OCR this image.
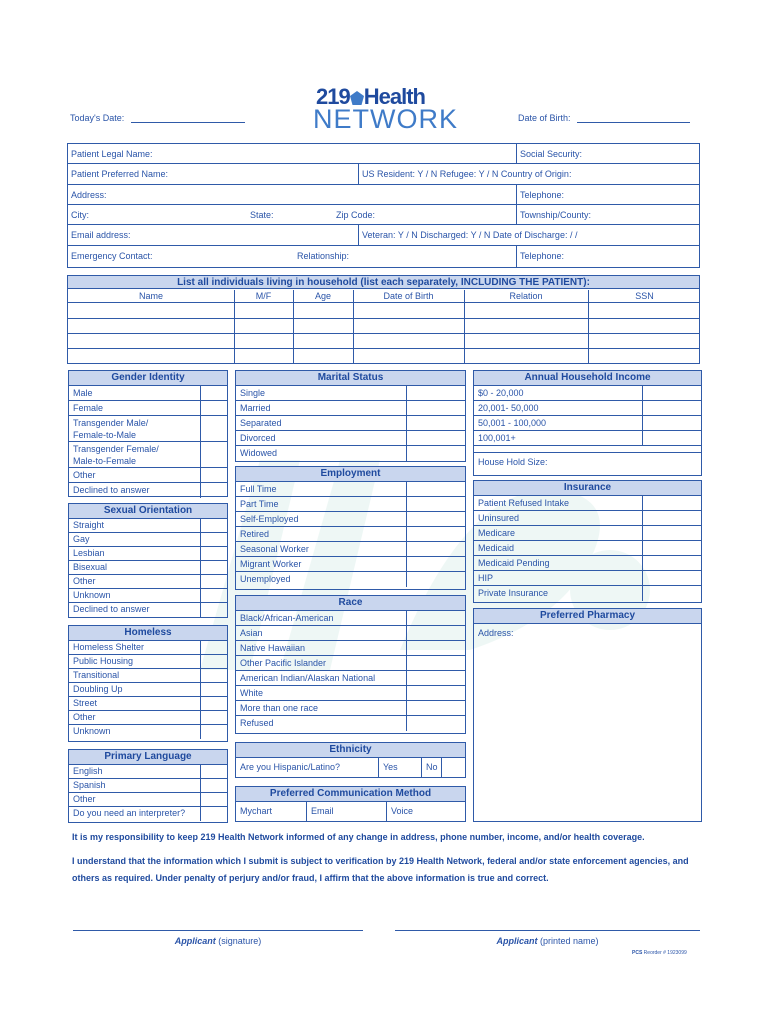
Today's Date:
219 Health
NETWORK	Date of Birth:
Patient Legal Name:	Social Security:
Patient Preferred Name:	US Resident: Y / N Refugee: Y / N Country of Origin:
Address:	Telephone:
City:	State:	Zip Code:	Township/County:
Email address:	Veteran: Y / N Discharged: Y / N Date of Discharge: / /
Emergency Contact:	Relationship:	Telephone:
List all individuals living in household (list each separately, INCLUDING THE PATIENT):
Name	M/F	Age	Date of Birth	Relation	SSN
Gender Identity
Male
Female
Transgender Male/
Female-to-Male
Transgender Female/
Male-to-Female
Other
Declined to answer
Sexual Orientation
Straight
Gay
Lesbian
Bisexual
Other
Unknown
Declined to answer
Homeless
Homeless Shelter
Public Housing
Transitional
Doubling Up
Street
Other
Unknown
Primary Language
English
Spanish
Other
Do you need an interpreter?
Marital Status
Single
Married
Separated
Divorced
Widowed
Employment
Full Time
Part Time
Self-Employed
Retired
Seasonal Worker
Migrant Worker
Unemployed
Race
Black/African-American
Asian
Native Hawaiian
Other Pacific Islander
American Indian/Alaskan National
White
More than one race
Refused
Ethnicity
Are you Hispanic/Latino?	Yes	No
Preferred Communication Method
Mychart	Email	Voice
Annual Household Income
$0 - 20,000
20,001- 50,000
50,001 - 100,000
100,001+
House Hold Size:
Insurance
Patient Refused Intake
Uninsured
Medicare
Medicaid
Medicaid Pending
HIP
Private Insurance
Preferred Pharmacy
Address:
It is my responsibility to keep 219 Health Network informed of any change in address, phone number, income, and/or health coverage.
I understand that the information which I submit is subject to verification by 219 Health Network, federal and/or state enforcement agencies, and
others as required. Under penalty of perjury and/or fraud, I affirm that the above information is true and correct.
Applicant (signature)	Applicant (printed name)
PCS Reorder # 1923099
